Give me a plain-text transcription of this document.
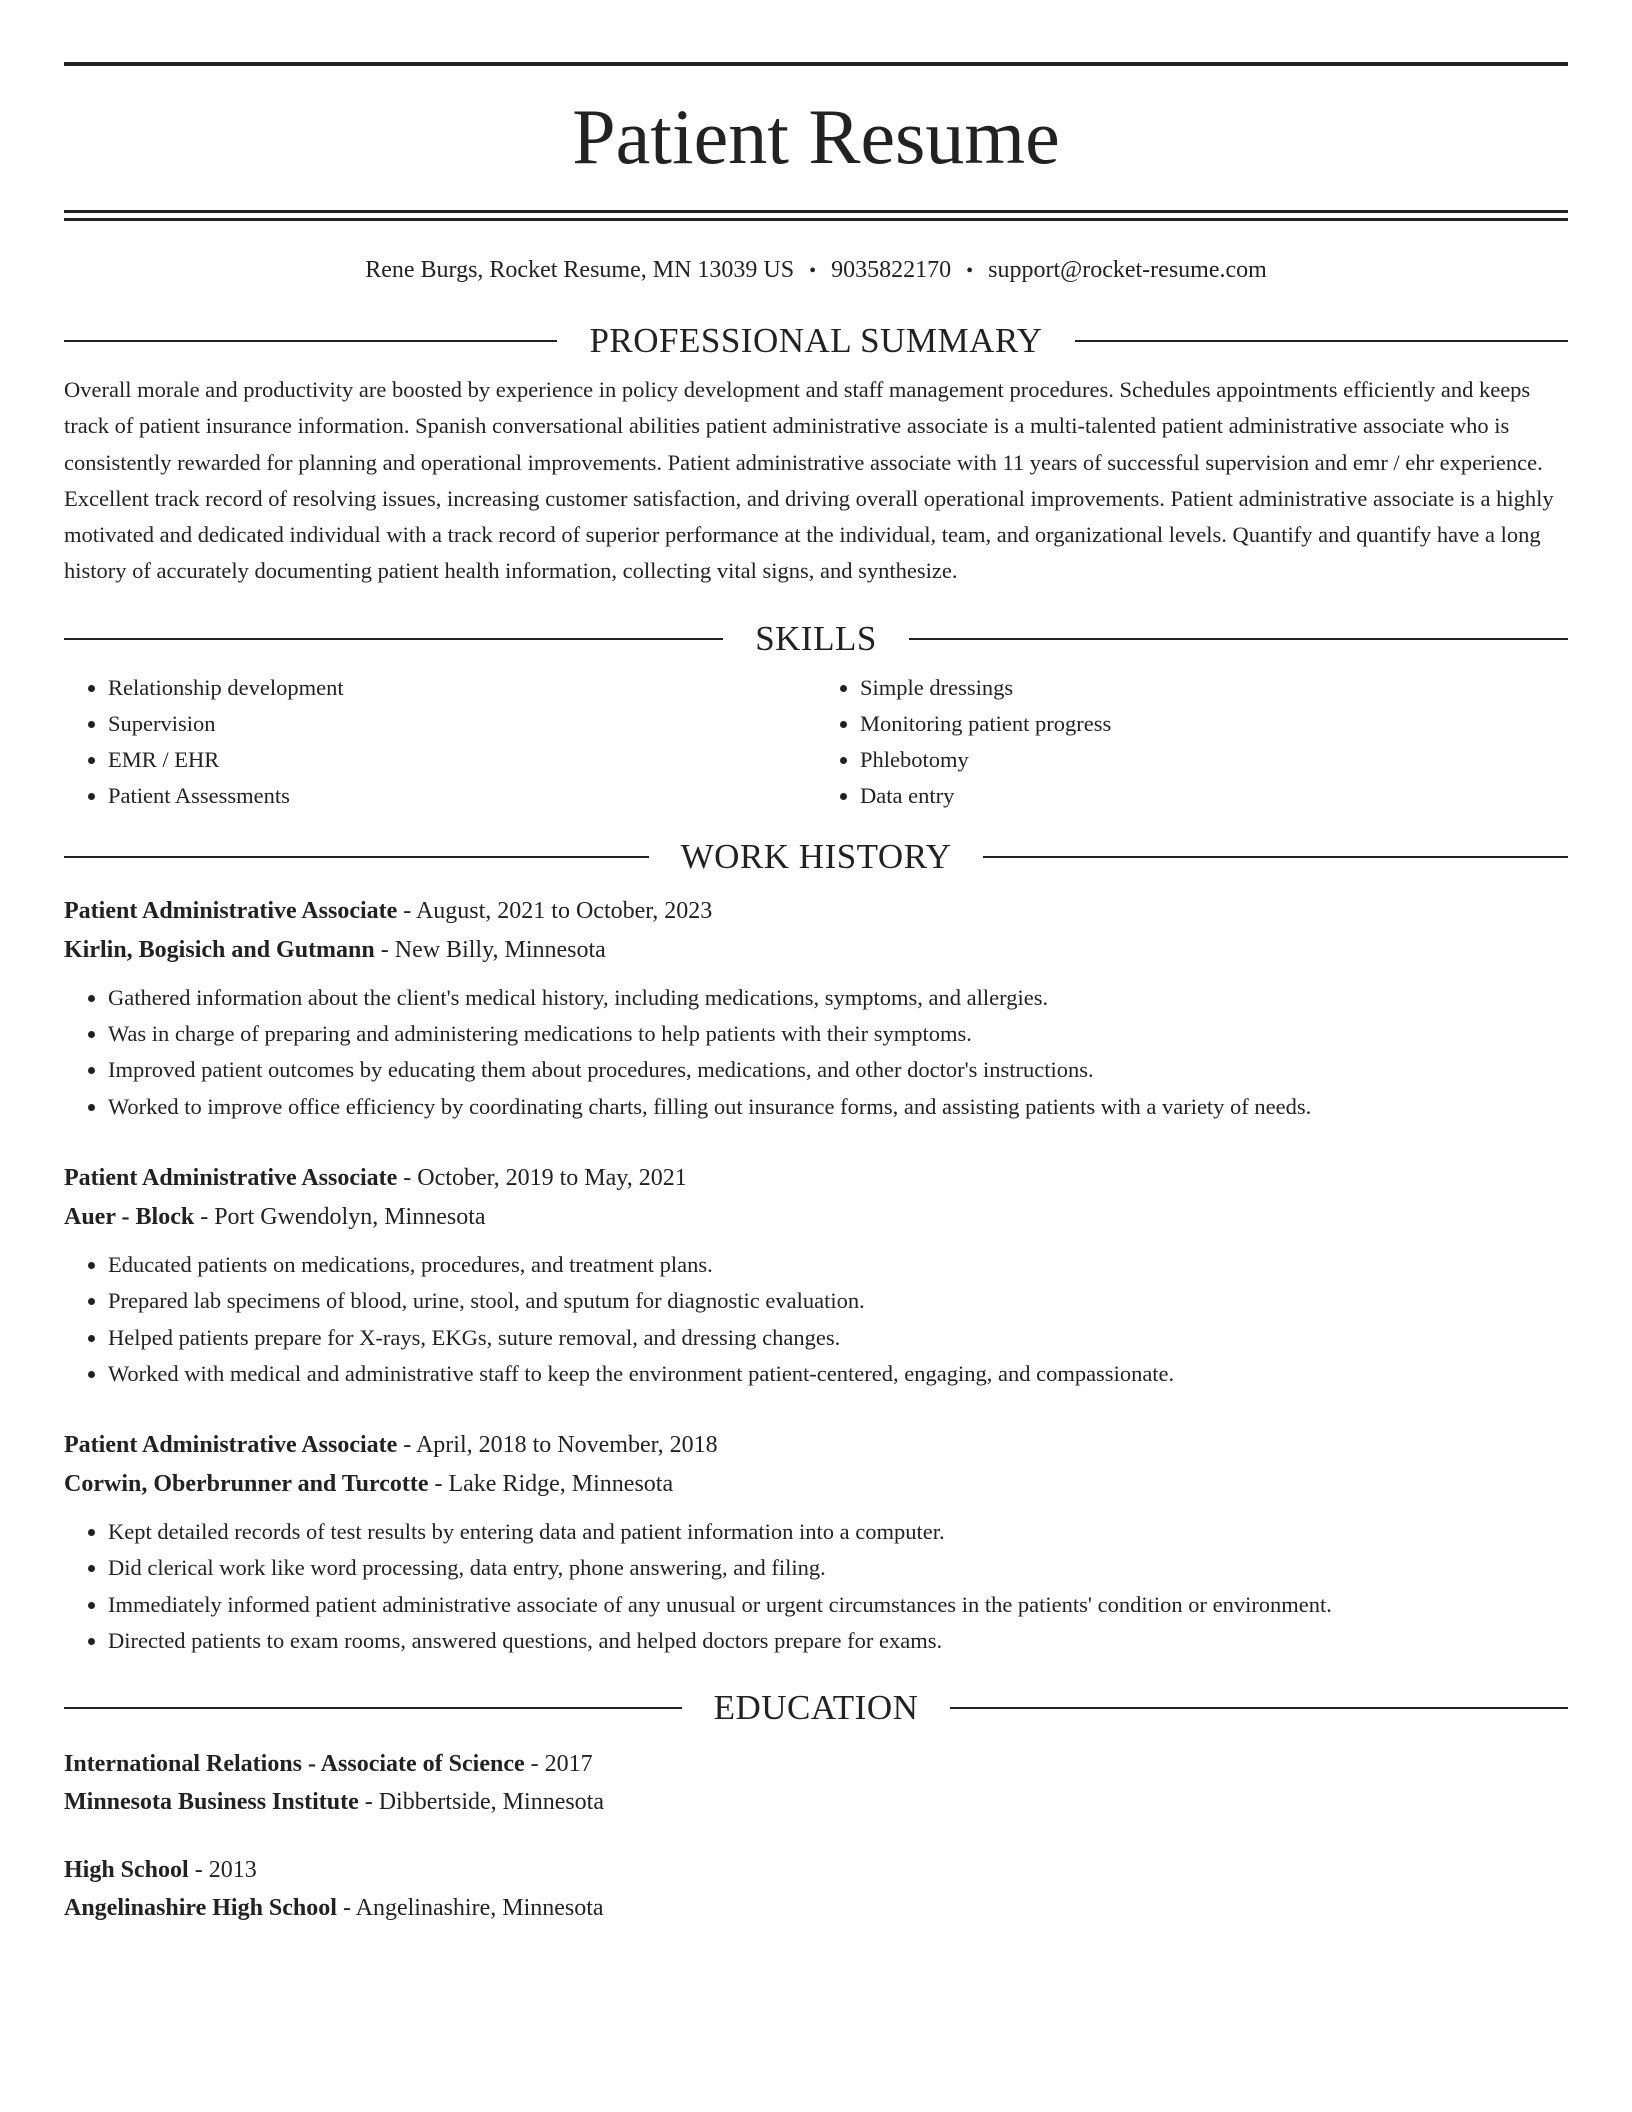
Patient Resume
Rene Burgs, Rocket Resume, MN 13039 US • 9035822170 • support@rocket-resume.com
PROFESSIONAL SUMMARY
Overall morale and productivity are boosted by experience in policy development and staff management procedures. Schedules appointments efficiently and keeps track of patient insurance information. Spanish conversational abilities patient administrative associate is a multi-talented patient administrative associate who is consistently rewarded for planning and operational improvements. Patient administrative associate with 11 years of successful supervision and emr / ehr experience. Excellent track record of resolving issues, increasing customer satisfaction, and driving overall operational improvements. Patient administrative associate is a highly motivated and dedicated individual with a track record of superior performance at the individual, team, and organizational levels. Quantify and quantify have a long history of accurately documenting patient health information, collecting vital signs, and synthesize.
SKILLS
• Relationship development
• Supervision
• EMR / EHR
• Patient Assessments
• Simple dressings
• Monitoring patient progress
• Phlebotomy
• Data entry
WORK HISTORY
Patient Administrative Associate - August, 2021 to October, 2023
Kirlin, Bogisich and Gutmann - New Billy, Minnesota
• Gathered information about the client's medical history, including medications, symptoms, and allergies.
• Was in charge of preparing and administering medications to help patients with their symptoms.
• Improved patient outcomes by educating them about procedures, medications, and other doctor's instructions.
• Worked to improve office efficiency by coordinating charts, filling out insurance forms, and assisting patients with a variety of needs.
Patient Administrative Associate - October, 2019 to May, 2021
Auer - Block - Port Gwendolyn, Minnesota
• Educated patients on medications, procedures, and treatment plans.
• Prepared lab specimens of blood, urine, stool, and sputum for diagnostic evaluation.
• Helped patients prepare for X-rays, EKGs, suture removal, and dressing changes.
• Worked with medical and administrative staff to keep the environment patient-centered, engaging, and compassionate.
Patient Administrative Associate - April, 2018 to November, 2018
Corwin, Oberbrunner and Turcotte - Lake Ridge, Minnesota
• Kept detailed records of test results by entering data and patient information into a computer.
• Did clerical work like word processing, data entry, phone answering, and filing.
• Immediately informed patient administrative associate of any unusual or urgent circumstances in the patients' condition or environment.
• Directed patients to exam rooms, answered questions, and helped doctors prepare for exams.
EDUCATION
International Relations - Associate of Science - 2017
Minnesota Business Institute - Dibbertside, Minnesota
High School - 2013
Angelinashire High School - Angelinashire, Minnesota
